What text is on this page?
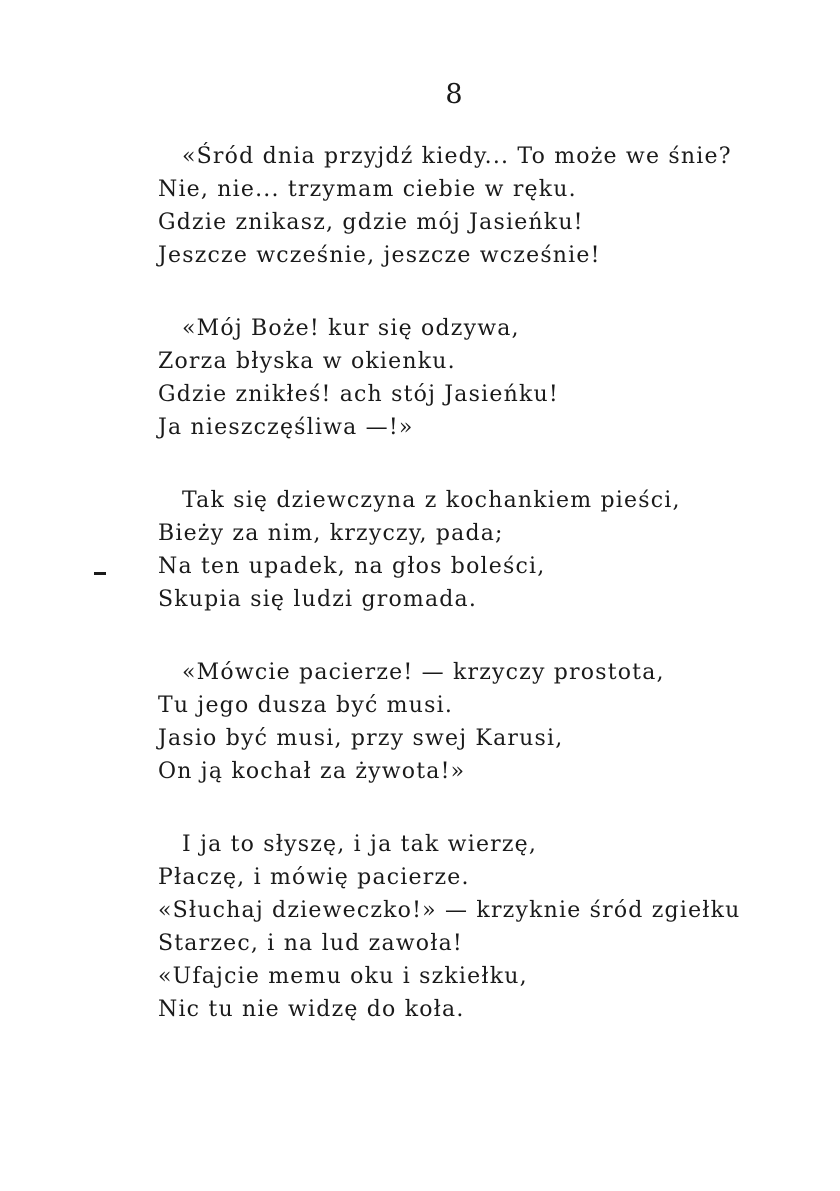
8
«Śród dnia przyjdź kiedy... To może we śnie?
Nie, nie... trzymam ciebie w ręku.
Gdzie znikasz, gdzie mój Jasieńku!
Jeszcze wcześnie, jeszcze wcześnie!
«Mój Boże! kur się odzywa,
Zorza błyska w okienku.
Gdzie znikłeś! ach stój Jasieńku!
Ja nieszczęśliwa —!»
Tak się dziewczyna z kochankiem pieści,
Bieży za nim, krzyczy, pada;
Na ten upadek, na głos boleści,
Skupia się ludzi gromada.
«Mówcie pacierze! — krzyczy prostota,
Tu jego dusza być musi.
Jasio być musi, przy swej Karusi,
On ją kochał za żywota!»
I ja to słyszę, i ja tak wierzę,
Płaczę, i mówię pacierze.
«Słuchaj dzieweczko!» — krzyknie śród zgiełku
Starzec, i na lud zawoła!
«Ufajcie memu oku i szkiełku,
Nic tu nie widzę do koła.
